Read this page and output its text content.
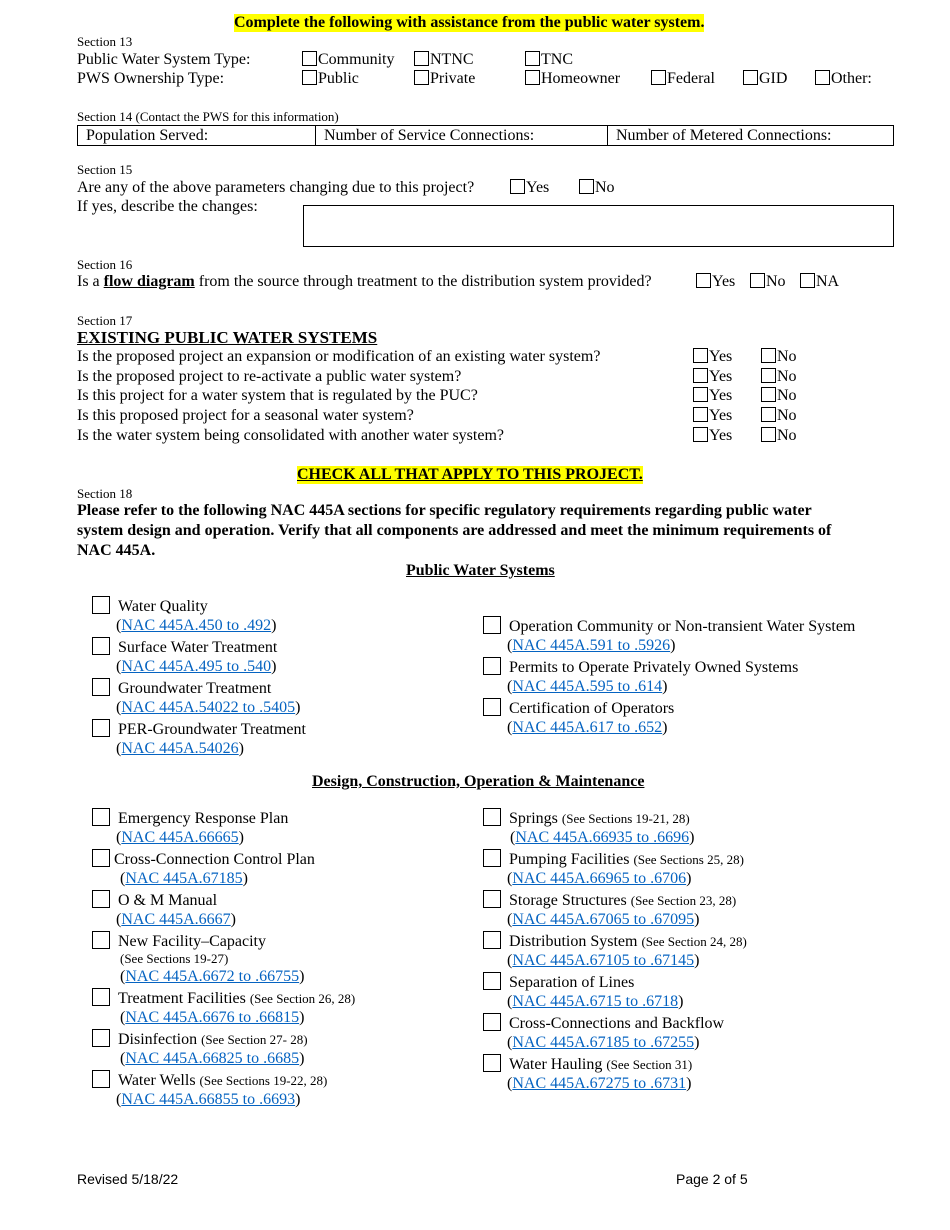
Complete the following with assistance from the public water system.
Section 13
Public Water System Type:	Community	NTNC	TNC
PWS Ownership Type:	Public	Private	Homeowner	Federal	GID	Other:
Section 14 (Contact the PWS for this information)
Population Served:	Number of Service Connections:	Number of Metered Connections:
Section 15
Are any of the above parameters changing due to this project?	Yes	No
If yes, describe the changes:
Section 16
Is a flow diagram from the source through treatment to the distribution system provided?	Yes	No	NA
Section 17
EXISTING PUBLIC WATER SYSTEMS
Is the proposed project an expansion or modification of an existing water system?	Yes	No
Is the proposed project to re-activate a public water system?	Yes	No
Is this project for a water system that is regulated by the PUC?	Yes	No
Is this proposed project for a seasonal water system?	Yes	No
Is the water system being consolidated with another water system?	Yes	No
CHECK ALL THAT APPLY TO THIS PROJECT.
Section 18
Please refer to the following NAC 445A sections for specific regulatory requirements regarding public water
system design and operation. Verify that all components are addressed and meet the minimum requirements of
NAC 445A.
Public Water Systems
Water Quality
(NAC 445A.450 to .492)
Surface Water Treatment
(NAC 445A.495 to .540)
Groundwater Treatment
(NAC 445A.54022 to .5405)
PER-Groundwater Treatment
(NAC 445A.54026)
Operation Community or Non-transient Water System
(NAC 445A.591 to .5926)
Permits to Operate Privately Owned Systems
(NAC 445A.595 to .614)
Certification of Operators
(NAC 445A.617 to .652)
Design, Construction, Operation & Maintenance
Emergency Response Plan
(NAC 445A.66665)
Cross-Connection Control Plan
(NAC 445A.67185)
O & M Manual
(NAC 445A.6667)
New Facility–Capacity
(See Sections 19-27)
(NAC 445A.6672 to .66755)
Treatment Facilities (See Section 26, 28)
(NAC 445A.6676 to .66815)
Disinfection (See Section 27- 28)
(NAC 445A.66825 to .6685)
Water Wells (See Sections 19-22, 28)
(NAC 445A.66855 to .6693)
Springs (See Sections 19-21, 28)
(NAC 445A.66935 to .6696)
Pumping Facilities (See Sections 25, 28)
(NAC 445A.66965 to .6706)
Storage Structures (See Section 23, 28)
(NAC 445A.67065 to .67095)
Distribution System (See Section 24, 28)
(NAC 445A.67105 to .67145)
Separation of Lines
(NAC 445A.6715 to .6718)
Cross-Connections and Backflow
(NAC 445A.67185 to .67255)
Water Hauling (See Section 31)
(NAC 445A.67275 to .6731)
Revised 5/18/22	Page 2 of 5
